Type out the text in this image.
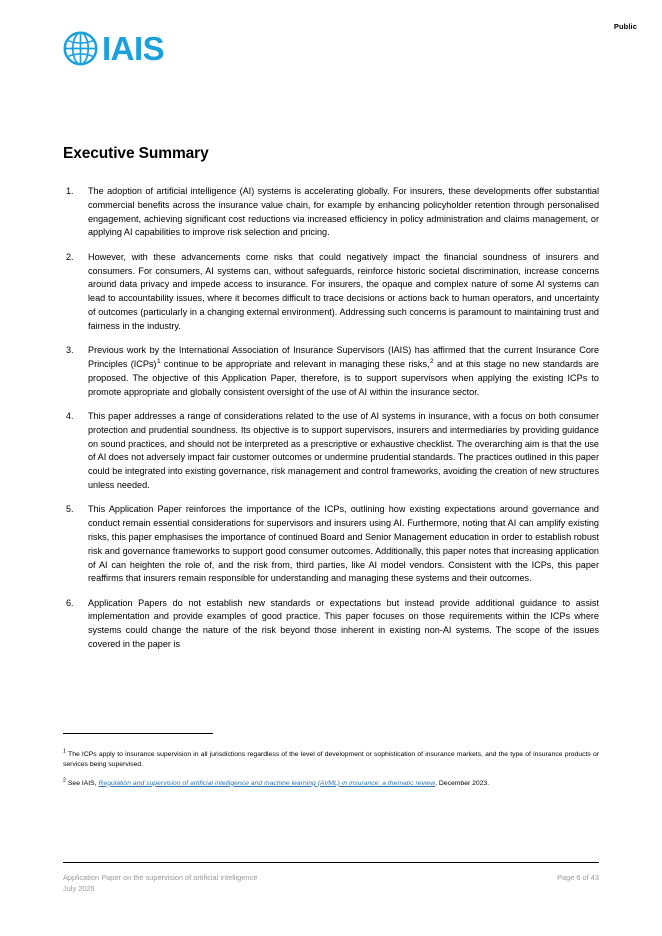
Public
IAIS
Executive Summary
1.	The adoption of artificial intelligence (AI) systems is accelerating globally. For insurers, these developments offer substantial commercial benefits across the insurance value chain, for example by enhancing policyholder retention through personalised engagement, achieving significant cost reductions via increased efficiency in policy administration and claims management, or applying AI capabilities to improve risk selection and pricing.
2.	However, with these advancements come risks that could negatively impact the financial soundness of insurers and consumers. For consumers, AI systems can, without safeguards, reinforce historic societal discrimination, increase concerns around data privacy and impede access to insurance. For insurers, the opaque and complex nature of some AI systems can lead to accountability issues, where it becomes difficult to trace decisions or actions back to human operators, and uncertainty of outcomes (particularly in a changing external environment). Addressing such concerns is paramount to maintaining trust and fairness in the industry.
3.	Previous work by the International Association of Insurance Supervisors (IAIS) has affirmed that the current Insurance Core Principles (ICPs)$^1$ continue to be appropriate and relevant in managing these risks,$^2$ and at this stage no new standards are proposed. The objective of this Application Paper, therefore, is to support supervisors when applying the existing ICPs to promote appropriate and globally consistent oversight of the use of AI within the insurance sector.
4.	This paper addresses a range of considerations related to the use of AI systems in insurance, with a focus on both consumer protection and prudential soundness. Its objective is to support supervisors, insurers and intermediaries by providing guidance on sound practices, and should not be interpreted as a prescriptive or exhaustive checklist. The overarching aim is that the use of AI does not adversely impact fair customer outcomes or undermine prudential standards. The practices outlined in this paper could be integrated into existing governance, risk management and control frameworks, avoiding the creation of new structures unless needed.
5.	This Application Paper reinforces the importance of the ICPs, outlining how existing expectations around governance and conduct remain essential considerations for supervisors and insurers using AI. Furthermore, noting that AI can amplify existing risks, this paper emphasises the importance of continued Board and Senior Management education in order to establish robust risk and governance frameworks to support good consumer outcomes. Additionally, this paper notes that increasing application of AI can heighten the role of, and the risk from, third parties, like AI model vendors. Consistent with the ICPs, this paper reaffirms that insurers remain responsible for understanding and managing these systems and their outcomes.
6.	Application Papers do not establish new standards or expectations but instead provide additional guidance to assist implementation and provide examples of good practice. This paper focuses on those requirements within the ICPs where systems could change the nature of the risk beyond those inherent in existing non-AI systems. The scope of the issues covered in the paper is

$^1$ The ICPs apply to insurance supervision in all jurisdictions regardless of the level of development or sophistication of insurance markets, and the type of insurance products or services being supervised.

$^2$ See IAIS, Regulation and supervision of artificial intelligence and machine learning (AI/ML) in insurance: a thematic review, December 2023.

Application Paper on the supervision of artificial intelligence
July 2025
Page 6 of 43
